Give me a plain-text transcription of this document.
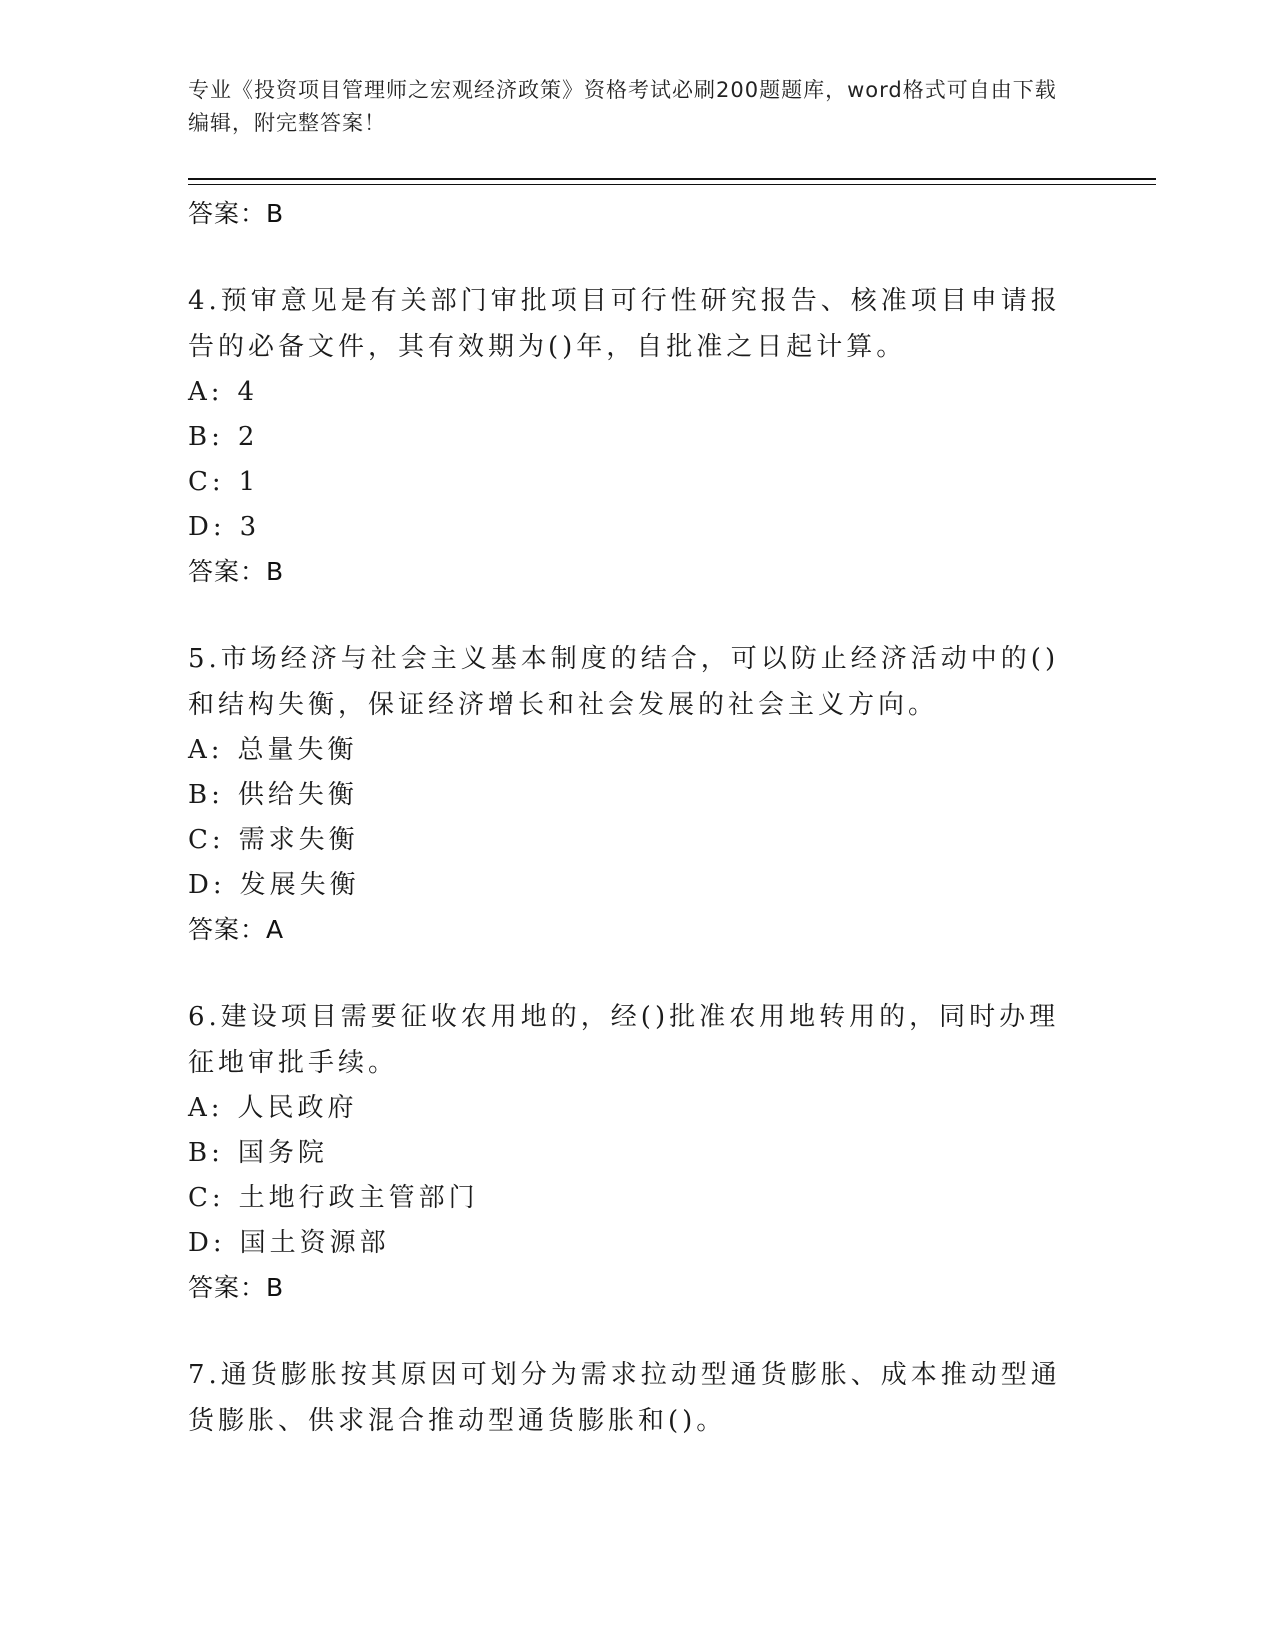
专业《投资项目管理师之宏观经济政策》资格考试必刷200题题库，word格式可自由下载编辑，附完整答案！
答案：B
4.预审意见是有关部门审批项目可行性研究报告、核准项目申请报告的必备文件，其有效期为()年，自批准之日起计算。
A: 4
B: 2
C: 1
D: 3
答案：B
5.市场经济与社会主义基本制度的结合，可以防止经济活动中的()和结构失衡，保证经济增长和社会发展的社会主义方向。
A: 总量失衡
B: 供给失衡
C: 需求失衡
D: 发展失衡
答案：A
6.建设项目需要征收农用地的，经()批准农用地转用的，同时办理征地审批手续。
A: 人民政府
B: 国务院
C: 土地行政主管部门
D: 国土资源部
答案：B
7.通货膨胀按其原因可划分为需求拉动型通货膨胀、成本推动型通货膨胀、供求混合推动型通货膨胀和()。
